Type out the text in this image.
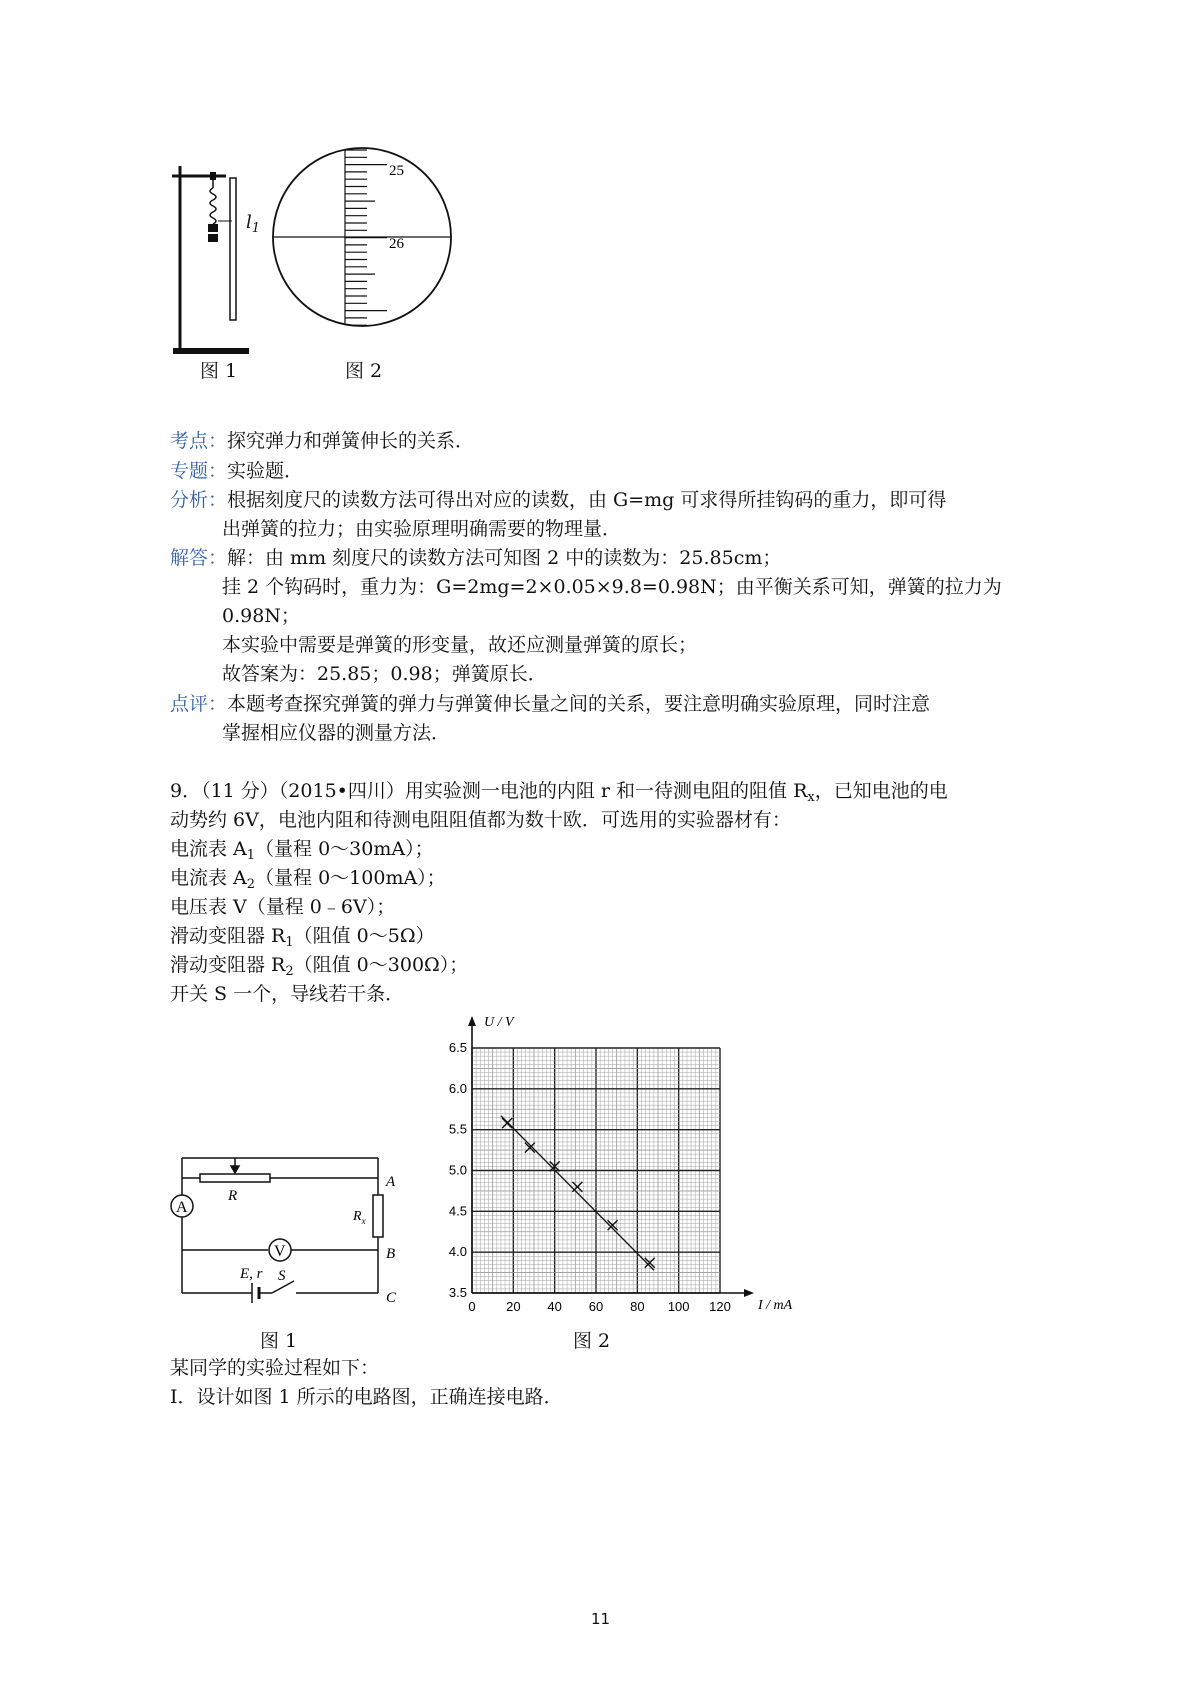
$l_1$
25
26
图 1	图 2
考点：探究弹力和弹簧伸长的关系．
专题：实验题．
分析：根据刻度尺的读数方法可得出对应的读数，由 G=mg 可求得所挂钩码的重力，即可得
出弹簧的拉力；由实验原理明确需要的物理量．
解答：解：由 mm 刻度尺的读数方法可知图 2 中的读数为：25.85cm；
挂 2 个钩码时，重力为：G=2mg=2×0.05×9.8=0.98N；由平衡关系可知，弹簧的拉力为
0.98N；
本实验中需要是弹簧的形变量，故还应测量弹簧的原长；
故答案为：25.85；0.98；弹簧原长．
点评：本题考查探究弹簧的弹力与弹簧伸长量之间的关系，要注意明确实验原理，同时注意
掌握相应仪器的测量方法．
9．（11 分）（2015•四川）用实验测一电池的内阻 r 和一待测电阻的阻值 $R_x$，已知电池的电
动势约 6V，电池内阻和待测电阻阻值都为数十欧．可选用的实验器材有：
电流表 $A_1$（量程 0～30mA）；
电流表 $A_2$（量程 0～100mA）；
电压表 V（量程 0﹣6V）；
滑动变阻器 $R_1$（阻值 0～5Ω）
滑动变阻器 $R_2$（阻值 0～300Ω）；
开关 S 一个，导线若干条．
A
V
R
$R_x$
E, r S
A
B
C
图 1
0 20 40 60 80 100 120
3.5
4.0
4.5
5.0
5.5
6.0
6.5
U / V
I / mA
图 2
某同学的实验过程如下：
Ⅰ．设计如图 1 所示的电路图，正确连接电路．
11
